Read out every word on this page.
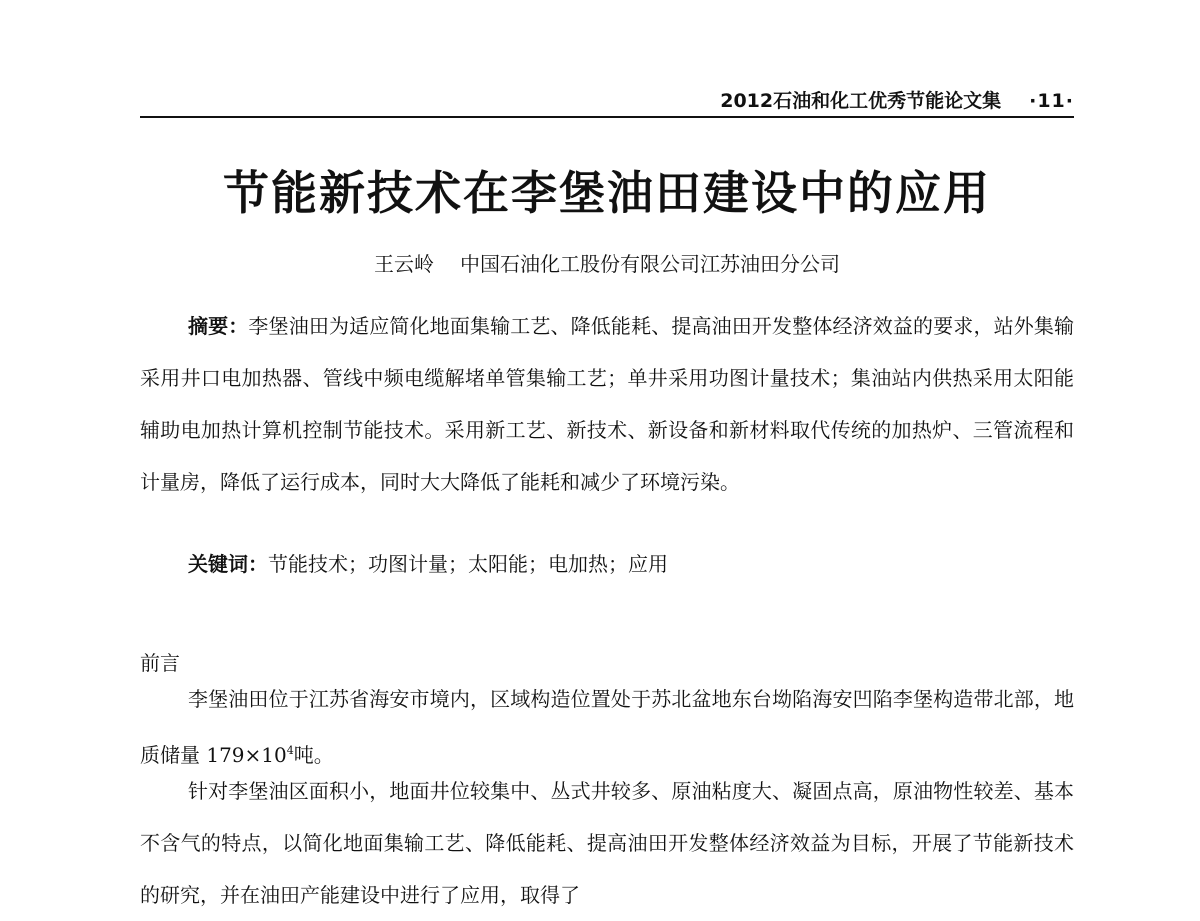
2012石油和化工优秀节能论文集 ·11·
节能新技术在李堡油田建设中的应用
王云岭 中国石油化工股份有限公司江苏油田分公司

摘要：李堡油田为适应简化地面集输工艺、降低能耗、提高油田开发整体经济效益的要求，站外集输采用井口电加热器、管线中频电缆解堵单管集输工艺；单井采用功图计量技术；集油站内供热采用太阳能辅助电加热计算机控制节能技术。采用新工艺、新技术、新设备和新材料取代传统的加热炉、三管流程和计量房，降低了运行成本，同时大大降低了能耗和减少了环境污染。

关键词：节能技术；功图计量；太阳能；电加热；应用

前言

李堡油田位于江苏省海安市境内，区域构造位置处于苏北盆地东台坳陷海安凹陷李堡构造带北部，地质储量 $179\times 10^4$吨。

针对李堡油区面积小，地面井位较集中、丛式井较多、原油粘度大、凝固点高，原油物性较差、基本不含气的特点，以简化地面集输工艺、降低能耗、提高油田开发整体经济效益为目标，开展了节能新技术的研究，并在油田产能建设中进行了应用，取得了
